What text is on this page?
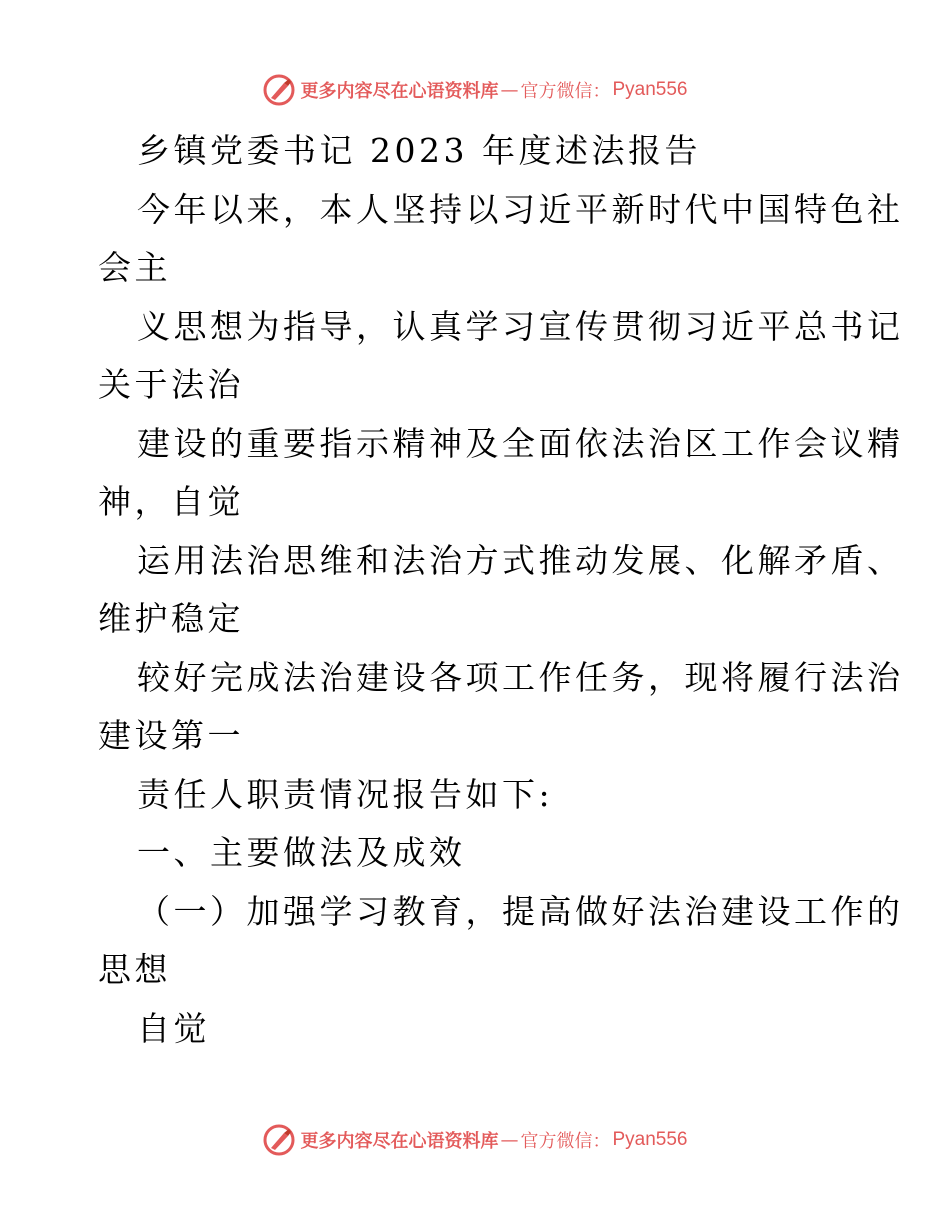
更多内容尽在心语资料库 — 官方微信： Pyan556
乡镇党委书记 2023 年度述法报告
今年以来，本人坚持以习近平新时代中国特色社
会主
义思想为指导，认真学习宣传贯彻习近平总书记
关于法治
建设的重要指示精神及全面依法治区工作会议精
神，自觉
运用法治思维和法治方式推动发展、化解矛盾、
维护稳定
较好完成法治建设各项工作任务，现将履行法治
建设第一
责任人职责情况报告如下:
一、主要做法及成效
（一）加强学习教育，提高做好法治建设工作的
思想
自觉
更多内容尽在心语资料库 — 官方微信： Pyan556
